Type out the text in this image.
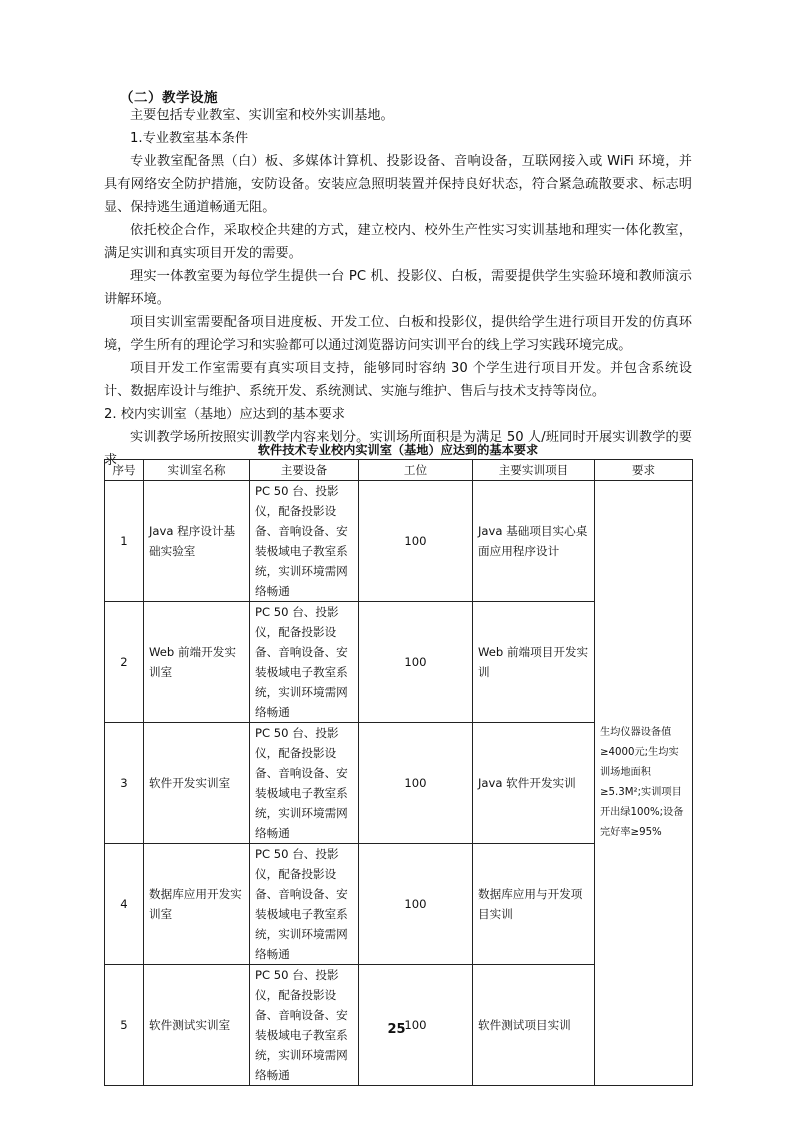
（二）教学设施

主要包括专业教室、实训室和校外实训基地。

1.专业教室基本条件

专业教室配备黑（白）板、多媒体计算机、投影设备、音响设备，互联网接入或 WiFi 环境，并具有网络安全防护措施，安防设备。安装应急照明装置并保持良好状态，符合紧急疏散要求、标志明显、保持逃生通道畅通无阻。

依托校企合作，采取校企共建的方式，建立校内、校外生产性实习实训基地和理实一体化教室，满足实训和真实项目开发的需要。

理实一体教室要为每位学生提供一台 PC 机、投影仪、白板，需要提供学生实验环境和教师演示讲解环境。

项目实训室需要配备项目进度板、开发工位、白板和投影仪，提供给学生进行项目开发的仿真环境，学生所有的理论学习和实验都可以通过浏览器访问实训平台的线上学习实践环境完成。

项目开发工作室需要有真实项目支持，能够同时容纳 30 个学生进行项目开发。并包含系统设计、数据库设计与维护、系统开发、系统测试、实施与维护、售后与技术支持等岗位。

2. 校内实训室（基地）应达到的基本要求

实训教学场所按照实训教学内容来划分。实训场所面积是为满足 50 人/班同时开展实训教学的要求

软件技术专业校内实训室（基地）应达到的基本要求
序号	实训室名称	主要设备	工位	主要实训项目	要求
1	Java 程序设计基础实验室	PC 50 台、投影仪，配备投影设备、音响设备、安装极域电子教室系统，实训环境需网络畅通	100	Java 基础项目实心桌面应用程序设计	生均仪器设备值≥4000元;生均实训场地面积≥5.3M²;实训项目开出绿100%;设备完好率≥95%
2	Web 前端开发实训室	PC 50 台、投影仪，配备投影设备、音响设备、安装极域电子教室系统，实训环境需网络畅通	100	Web 前端项目开发实训	
3	软件开发实训室	PC 50 台、投影仪，配备投影设备、音响设备、安装极域电子教室系统，实训环境需网络畅通	100	Java 软件开发实训	
4	数据库应用开发实训室	PC 50 台、投影仪，配备投影设备、音响设备、安装极域电子教室系统，实训环境需网络畅通	100	数据库应用与开发项目实训	
5	软件测试实训室	PC 50 台、投影仪，配备投影设备、音响设备、安装极域电子教室系统，实训环境需网络畅通	100	软件测试项目实训	
25
